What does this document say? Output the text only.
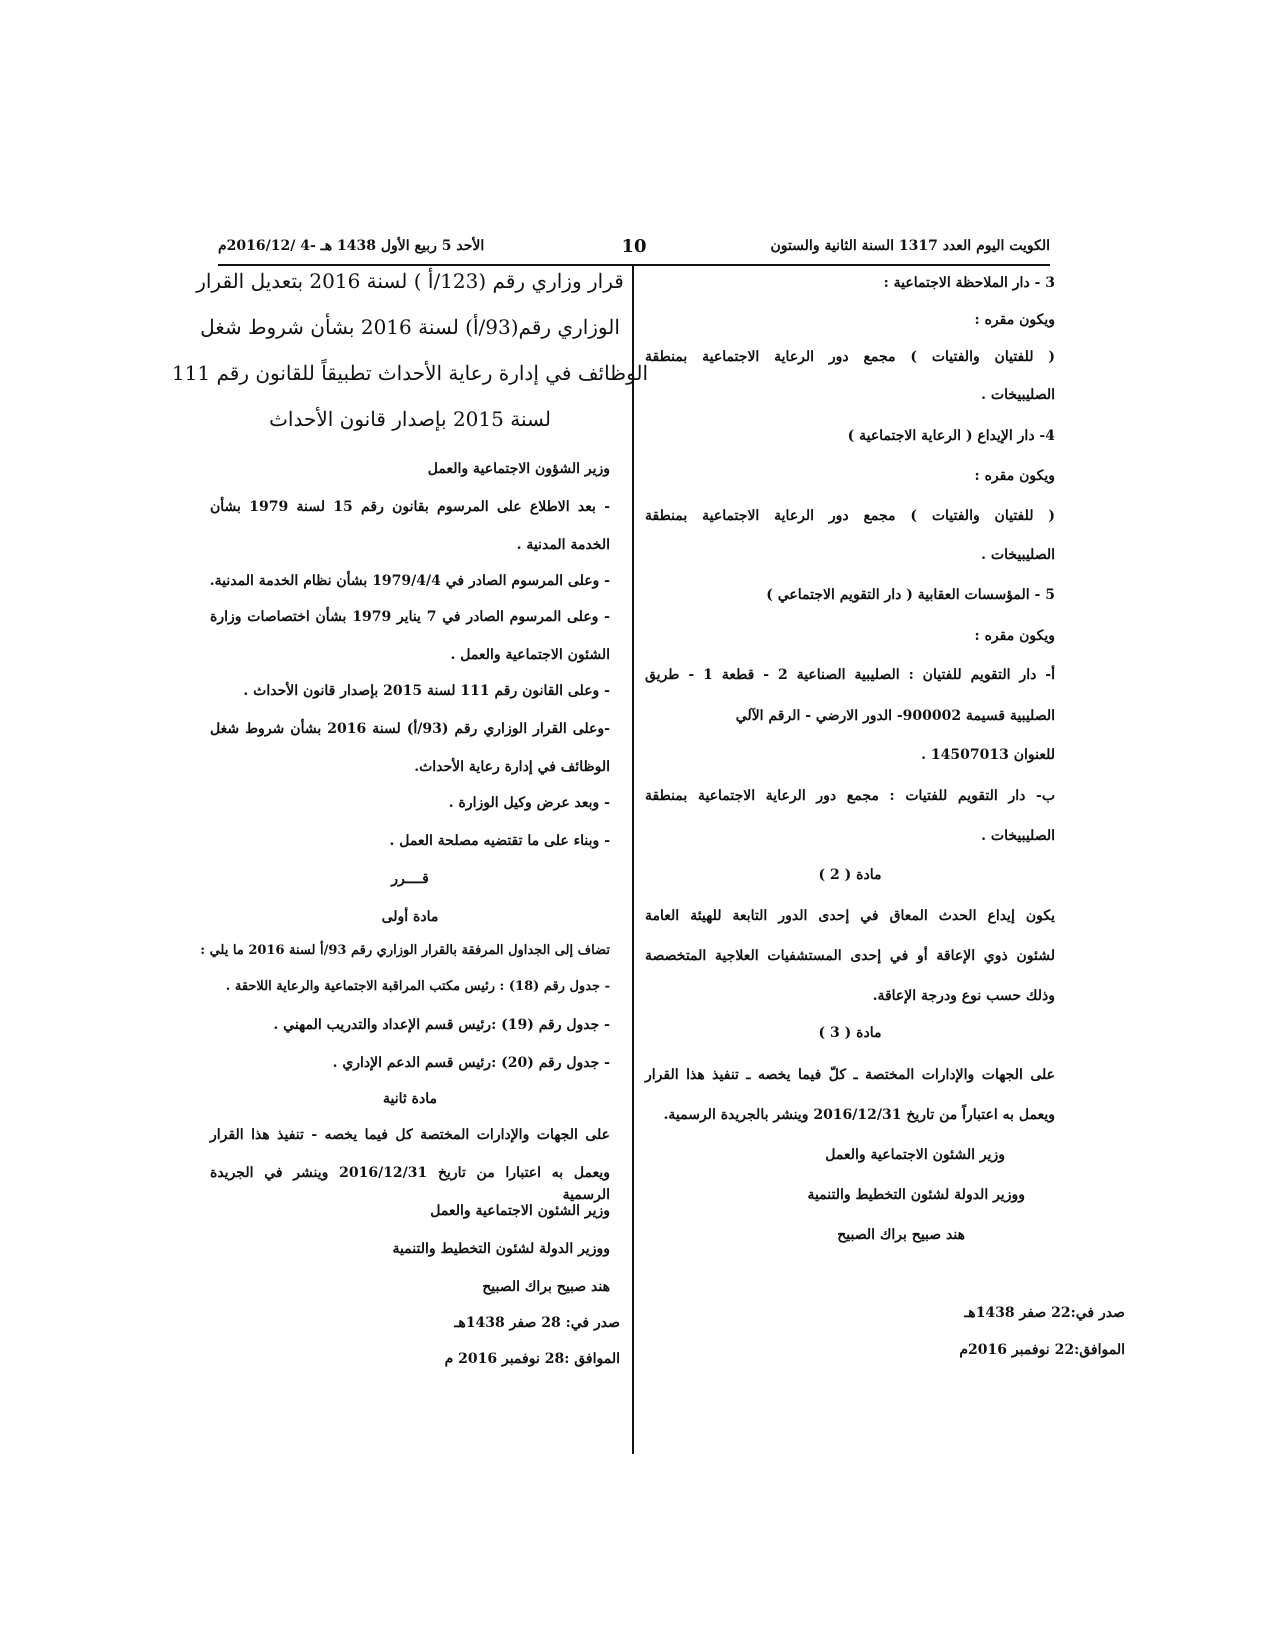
الكويت اليوم العدد 1317 السنة الثانية والستون
10
الأحد 5 ربيع الأول 1438 هـ -4 /2016/12م
3 - دار الملاحظة الاجتماعية :
ويكون مقره :
( للفتيان والفتيات ) مجمع دور الرعاية الاجتماعية بمنطقة
الصليبيخات .
4- دار الإيداع ( الرعاية الاجتماعية )
ويكون مقره :
( للفتيان والفتيات ) مجمع دور الرعاية الاجتماعية بمنطقة
الصليبيخات .
5 - المؤسسات العقابية ( دار التقويم الاجتماعي )
ويكون مقره :
أ- دار التقويم للفتيان : الصليبية الصناعية 2 - قطعة 1 - طريق
الصليبية قسيمة 900002- الدور الارضي - الرقم الآلي
للعنوان 14507013 .
ب- دار التقويم للفتيات : مجمع دور الرعاية الاجتماعية بمنطقة
الصليبيخات .
مادة ( 2 )
يكون إيداع الحدث المعاق في إحدى الدور التابعة للهيئة العامة
لشئون ذوي الإعاقة أو في إحدى المستشفيات العلاجية المتخصصة
وذلك حسب نوع ودرجة الإعاقة.
مادة ( 3 )
على الجهات والإدارات المختصة ـ كلّ فيما يخصه ـ تنفيذ هذا القرار
ويعمل به اعتباراً من تاريخ 2016/12/31 وينشر بالجريدة الرسمية.
وزير الشئون الاجتماعية والعمل
ووزير الدولة لشئون التخطيط والتنمية
هند صبيح براك الصبيح
صدر في:22 صفر 1438هـ
الموافق:22 نوفمبر 2016م
قرار وزاري رقم (123/أ ) لسنة 2016 بتعديل القرار
الوزاري رقم(93/أ) لسنة 2016 بشأن شروط شغل
الوظائف في إدارة رعاية الأحداث تطبيقاً للقانون رقم 111
لسنة 2015 بإصدار قانون الأحداث
وزير الشؤون الاجتماعية والعمل
- بعد الاطلاع على المرسوم بقانون رقم 15 لسنة 1979 بشأن
الخدمة المدنية .
- وعلى المرسوم الصادر في 1979/4/4 بشأن نظام الخدمة المدنية.
- وعلى المرسوم الصادر في 7 يناير 1979 بشأن اختصاصات وزارة
الشئون الاجتماعية والعمل .
- وعلى القانون رقم 111 لسنة 2015 بإصدار قانون الأحداث .
-وعلى القرار الوزاري رقم (93/أ) لسنة 2016 بشأن شروط شغل
الوظائف في إدارة رعاية الأحداث.
- وبعد عرض وكيل الوزارة .
- وبناء على ما تقتضيه مصلحة العمل .
قــــرر
مادة أولى
تضاف إلى الجداول المرفقة بالقرار الوزاري رقم 93/أ لسنة 2016 ما يلي :
- جدول رقم (18) : رئيس مكتب المراقبة الاجتماعية والرعاية اللاحقة .
- جدول رقم (19) :رئيس قسم الإعداد والتدريب المهني .
- جدول رقم (20) :رئيس قسم الدعم الإداري .
مادة ثانية
على الجهات والإدارات المختصة كل فيما يخصه - تنفيذ هذا القرار
ويعمل به اعتبارا من تاريخ 2016/12/31 وينشر في الجريدة الرسمية
وزير الشئون الاجتماعية والعمل
ووزير الدولة لشئون التخطيط والتنمية
هند صبيح براك الصبيح
صدر في: 28 صفر 1438هـ
الموافق :28 نوفمبر 2016 م
